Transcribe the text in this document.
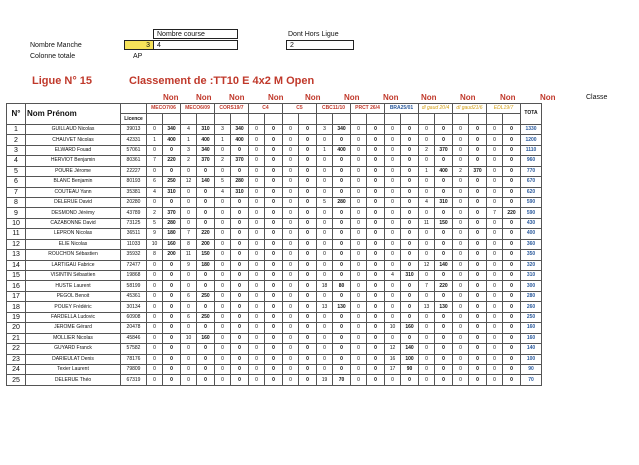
Nombre course
Nombre Manche	3	4
Colonne totale	AP
Dont Hors Ligue
2
Ligue N° 15	Classement de :TT10 E 4x2 M Open
Non Non Non	Non	Non	Non	Non	Non	Non	Non	Non	Classe
N°	Nom Prénom		MECO7/06		MECO6/09		CORS19/7		C4		C5		CBC11/10		PRCT 26/4		BRA25/01		dl gaud 20/4		dl gaud21/6		EDL19/7		TOTA
		Licence																							
1	GUILLAUD Nicolas	39013	0	340	4	310	3	340	0	0	0	0	3	340	0	0	0	0	0	0	0	0	0	0	1330
2	CHAUVET Nicolas	42331	1	400	1	400	1	400	0	0	0	0	0	0	0	0	0	0	0	0	0	0	0	0	1200
3	ELWARD Fouad	57061	0	0	3	340	0	0	0	0	0	0	1	400	0	0	0	0	2	370	0	0	0	0	1110
4	HERVIOT Benjamin	80361	7	220	2	370	2	370	0	0	0	0	0	0	0	0	0	0	0	0	0	0	0	0	960
5	POURE Jérome	22227	0	0	0	0	0	0	0	0	0	0	0	0	0	0	0	0	1	400	2	370	0	0	770
6	BLANC Benjamin	80193	6	250	12	140	5	280	0	0	0	0	0	0	0	0	0	0	0	0	0	0	0	0	670
7	COUTEAU Yann	35381	4	310	0	0	4	310	0	0	0	0	0	0	0	0	0	0	0	0	0	0	0	0	620
8	DELERUE David	20280	0	0	0	0	0	0	0	0	0	0	5	280	0	0	0	0	4	310	0	0	0	0	590
9	DESMOND Jérémy	43789	2	370	0	0	0	0	0	0	0	0	0	0	0	0	0	0	0	0	0	0	7	220	590
10	CAZABONNE David	73125	5	280	0	0	0	0	0	0	0	0	0	0	0	0	0	0	11	150	0	0	0	0	430
11	LEPRON Nicolas	36511	9	180	7	220	0	0	0	0	0	0	0	0	0	0	0	0	0	0	0	0	0	0	400
12	ELIE Nicolas	11033	10	160	8	200	0	0	0	0	0	0	0	0	0	0	0	0	0	0	0	0	0	0	360
13	ROUCHON Sébastien	35932	8	200	11	150	0	0	0	0	0	0	0	0	0	0	0	0	0	0	0	0	0	0	350
14	LARTIGAU Fabrice	72477	0	0	9	180	0	0	0	0	0	0	0	0	0	0	0	0	12	140	0	0	0	0	320
15	VISINTIN Sébastien	19868	0	0	0	0	0	0	0	0	0	0	0	0	0	0	4	310	0	0	0	0	0	0	310
16	HUSTE Laurent	58199	0	0	0	0	0	0	0	0	0	0	18	80	0	0	0	0	7	220	0	0	0	0	300
17	PEGOL Benoit	45361	0	0	6	250	0	0	0	0	0	0	0	0	0	0	0	0	0	0	0	0	0	0	280
18	POUEY Frédéric	30134	0	0	0	0	0	0	0	0	0	0	13	130	0	0	0	0	13	130	0	0	0	0	260
19	FARDELLA Ludovic	60908	0	0	6	250	0	0	0	0	0	0	0	0	0	0	0	0	0	0	0	0	0	0	250
20	JEROME Gérard	20478	0	0	0	0	0	0	0	0	0	0	0	0	0	0	10	160	0	0	0	0	0	0	160
21	MOLLIER Nicolas	45846	0	0	10	160	0	0	0	0	0	0	0	0	0	0	0	0	0	0	0	0	0	0	160
22	GUYARD Franck	57582	0	0	0	0	0	0	0	0	0	0	0	0	0	0	12	140	0	0	0	0	0	0	140
23	DARIEULAT Denis	78176	0	0	0	0	0	0	0	0	0	0	0	0	0	0	16	100	0	0	0	0	0	0	100
24	Texier Laurent	79809	0	0	0	0	0	0	0	0	0	0	0	0	0	0	17	90	0	0	0	0	0	0	90
25	DELERUE Théo	67319	0	0	0	0	0	0	0	0	0	0	19	70	0	0	0	0	0	0	0	0	0	0	70
